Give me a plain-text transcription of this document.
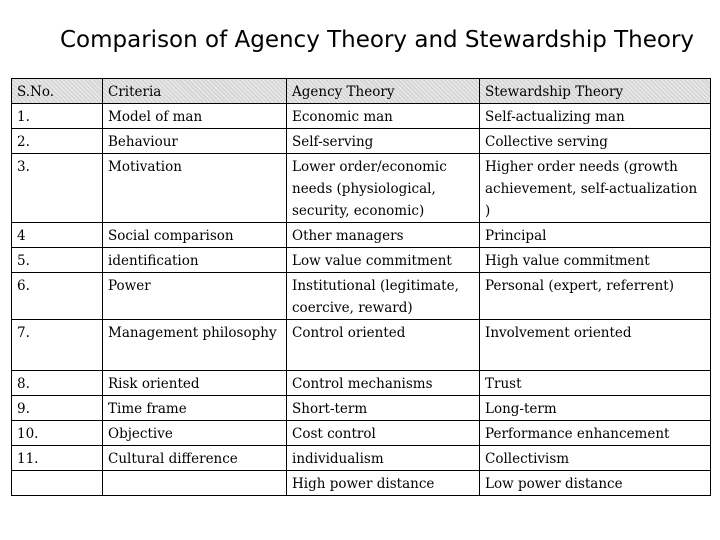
Comparison of Agency Theory and Stewardship Theory
S.No.	Criteria	Agency Theory	Stewardship Theory
1.	Model of man	Economic man	Self-actualizing man
2.	Behaviour	Self-serving	Collective serving
3.	Motivation	Lower order/economic needs (physiological, security, economic)	Higher order needs (growth achievement, self-actualization )
4	Social comparison	Other managers	Principal
5.	identification	Low value commitment	High value commitment
6.	Power	Institutional (legitimate, coercive, reward)	Personal (expert, referrent)
7.	Management philosophy	Control oriented	Involvement oriented
8.	Risk oriented	Control mechanisms	Trust
9.	Time frame	Short-term	Long-term
10.	Objective	Cost control	Performance enhancement
11.	Cultural difference	individualism	Collectivism
		High power distance	Low power distance
